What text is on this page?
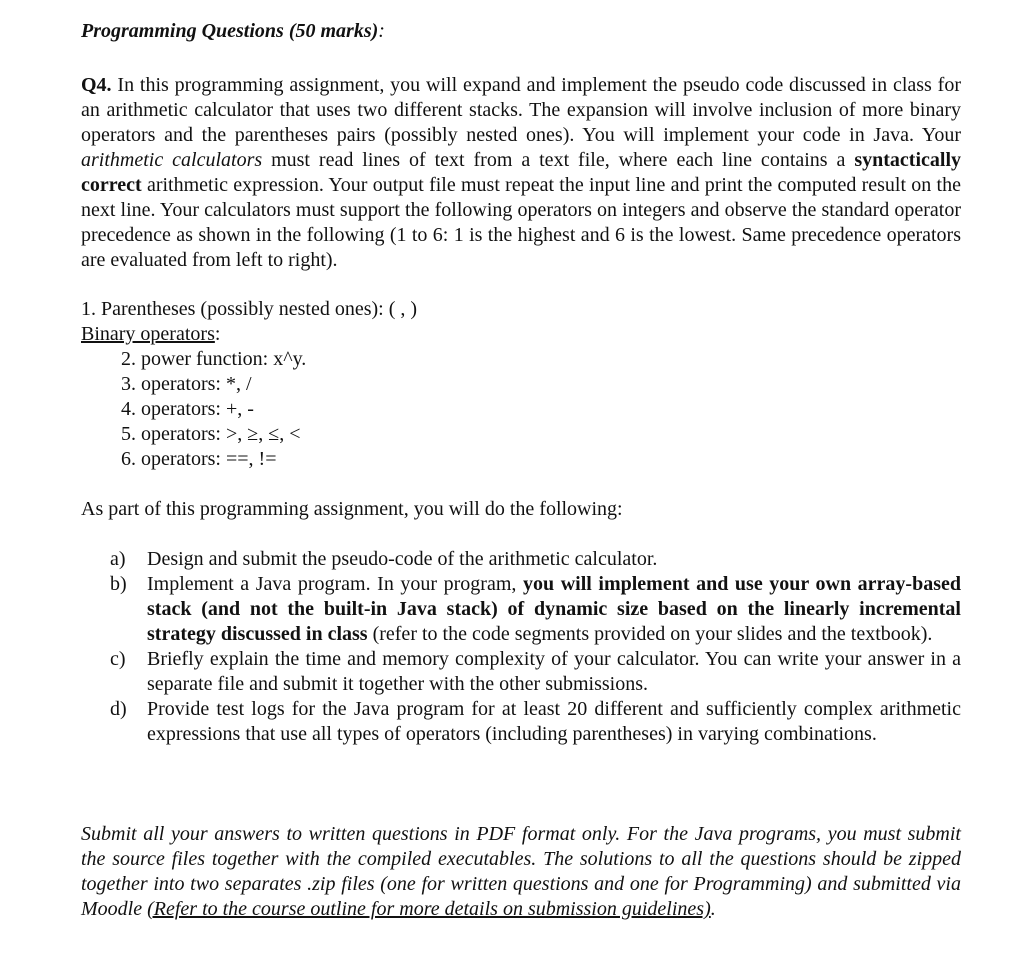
Programming Questions (50 marks):
Q4. In this programming assignment, you will expand and implement the pseudo code discussed in class for an arithmetic calculator that uses two different stacks. The expansion will involve inclusion of more binary operators and the parentheses pairs (possibly nested ones). You will implement your code in Java. Your arithmetic calculators must read lines of text from a text file, where each line contains a syntactically correct arithmetic expression. Your output file must repeat the input line and print the computed result on the next line. Your calculators must support the following operators on integers and observe the standard operator precedence as shown in the following (1 to 6: 1 is the highest and 6 is the lowest. Same precedence operators are evaluated from left to right).
1. Parentheses (possibly nested ones): ( , )
Binary operators:
2. power function: x^y.
3. operators: *, /
4. operators: +, -
5. operators: >, ≥, ≤, <
6. operators: ==, !=
As part of this programming assignment, you will do the following:
a)	Design and submit the pseudo-code of the arithmetic calculator.
b)	Implement a Java program. In your program, you will implement and use your own array-based stack (and not the built-in Java stack) of dynamic size based on the linearly incremental strategy discussed in class (refer to the code segments provided on your slides and the textbook).
c)	Briefly explain the time and memory complexity of your calculator. You can write your answer in a separate file and submit it together with the other submissions.
d)	Provide test logs for the Java program for at least 20 different and sufficiently complex arithmetic expressions that use all types of operators (including parentheses) in varying combinations.
Submit all your answers to written questions in PDF format only. For the Java programs, you must submit the source files together with the compiled executables. The solutions to all the questions should be zipped together into two separates .zip files (one for written questions and one for Programming) and submitted via Moodle (Refer to the course outline for more details on submission guidelines).
